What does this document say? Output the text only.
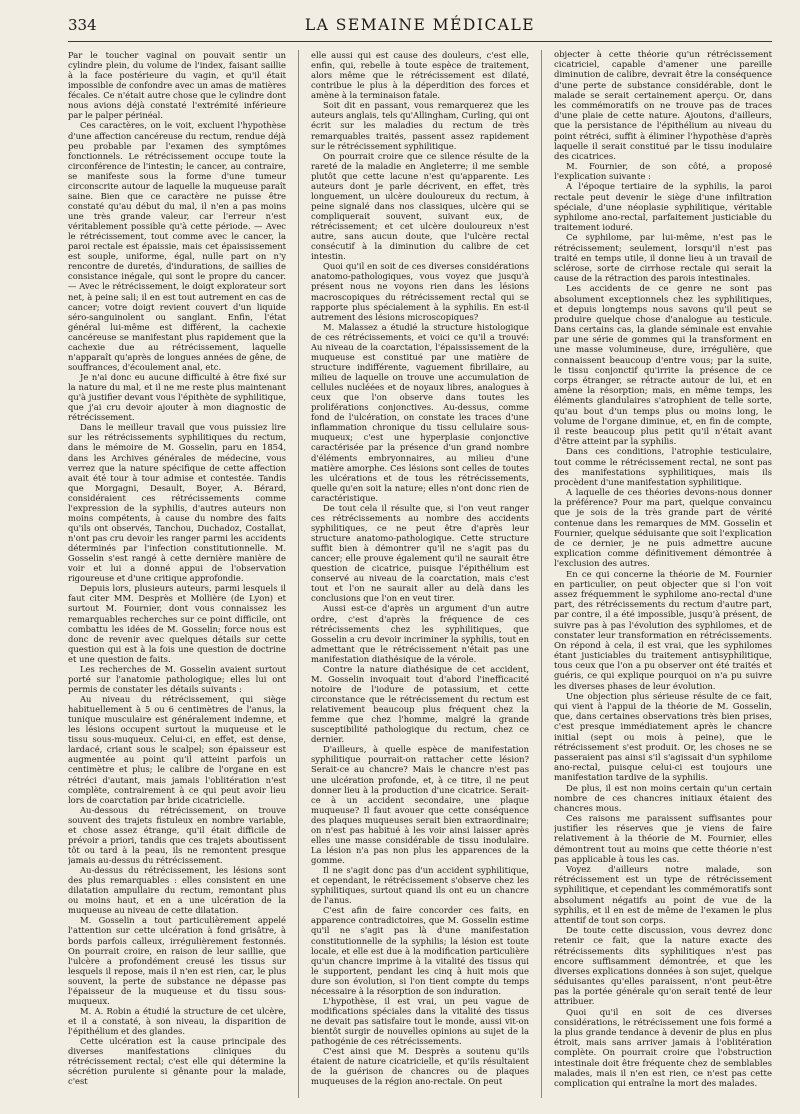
334	LA SEMAINE MÉDICALE

Par le toucher vaginal on pouvait sentir un cylindre plein, du volume de l'index, faisant saillie à la face postérieure du vagin, et qu'il était impossible de confondre avec un amas de matières fécales. Ce n'était autre chose que le cylindre dont nous avions déjà constaté l'extrémité inférieure par le palper périnéal.

Ces caractères, on le voit, excluent l'hypothèse d'une affection cancéreuse du rectum, rendue déjà peu probable par l'examen des symptômes fonctionnels. Le rétrécissement occupe toute la circonférence de l'intestin; le cancer, au contraire, se manifeste sous la forme d'une tumeur circonscrite autour de laquelle la muqueuse paraît saine. Bien que ce caractère ne puisse être constaté qu'au début du mal, il n'en a pas moins une très grande valeur, car l'erreur n'est véritablement possible qu'à cette période. — Avec le rétrécissement, tout comme avec le cancer, la paroi rectale est épaissie, mais cet épaississement est souple, uniforme, égal, nulle part on n'y rencontre de duretés, d'indurations, de saillies de consistance inégale, qui sont le propre du cancer. — Avec le rétrécissement, le doigt explorateur sort net, à peine sali; il en est tout autrement en cas de cancer; votre doigt revient couvert d'un liquide séro-sanguinolent ou sanglant. Enfin, l'état général lui-même est différent, la cachexie cancéreuse se manifestant plus rapidement que la cachexie due au rétrécissement, laquelle n'apparaît qu'après de longues années de gêne, de souffrances, d'écoulement anal, etc.

Je n'ai donc eu aucune difficulté à être fixé sur la nature du mal, et il ne me reste plus maintenant qu'à justifier devant vous l'épithète de syphilitique, que j'ai cru devoir ajouter à mon diagnostic de rétrécissement.

Dans le meilleur travail que vous puissiez lire sur les rétrécissements syphilitiques du rectum, dans le mémoire de M. Gosselin, paru en 1854, dans les Archives générales de médecine, vous verrez que la nature spécifique de cette affection avait été tour à tour admise et contestée. Tandis que Morgagni, Desault, Boyer, A. Bérard, considéraient ces rétrécissements comme l'expression de la syphilis, d'autres auteurs non moins compétents, à cause du nombre des faits qu'ils ont observés, Tanchou, Duchadoz, Costallat, n'ont pas cru devoir les ranger parmi les accidents déterminés par l'infection constitutionnelle. M. Gosselin s'est rangé à cette dernière manière de voir et lui a donné appui de l'observation rigoureuse et d'une critique approfondie.

Depuis lors, plusieurs auteurs, parmi lesquels il faut citer MM. Desprès et Mollière (de Lyon) et surtout M. Fournier, dont vous connaissez les remarquables recherches sur ce point difficile, ont combattu les idées de M. Gosselin; force nous est donc de revenir avec quelques détails sur cette question qui est à la fois une question de doctrine et une question de faits.

Les recherches de M. Gosselin avaient surtout porté sur l'anatomie pathologique; elles lui ont permis de constater les détails suivants :

Au niveau du rétrécissement, qui siège habituellement à 5 ou 6 centimètres de l'anus, la tunique musculaire est généralement indemne, et les lésions occupent surtout la muqueuse et le tissu sous-muqueux. Celui-ci, en effet, est dense, lardacé, criant sous le scalpel; son épaisseur est augmentée au point qu'il atteint parfois un centimètre et plus; le calibre de l'organe en est rétréci d'autant, mais jamais l'oblitération n'est complète, contrairement à ce qui peut avoir lieu lors de coarctation par bride cicatricielle.

Au-dessous du rétrécissement, on trouve souvent des trajets fistuleux en nombre variable, et chose assez étrange, qu'il était difficile de prévoir a priori, tandis que ces trajets aboutissent tôt ou tard à la peau, ils ne remontent presque jamais au-dessus du rétrécissement.

Au-dessus du rétrécissement, les lésions sont des plus remarquables : elles consistent en une dilatation ampullaire du rectum, remontant plus ou moins haut, et en a une ulcération de la muqueuse au niveau de cette dilatation.

M. Gosselin a tout particulièrement appelé l'attention sur cette ulcération à fond grisâtre, à bords parfois calleux, irrégulièrement festonnés. On pourrait croire, en raison de leur saillie, que l'ulcère a profondément creusé les tissus sur lesquels il repose, mais il n'en est rien, car, le plus souvent, la perte de substance ne dépasse pas l'épaisseur de la muqueuse et du tissu sous-muqueux.

M. A. Robin a étudié la structure de cet ulcère, et il a constaté, à son niveau, la disparition de l'épithélium et des glandes.

Cette ulcération est la cause principale des diverses manifestations cliniques du rétrécissement rectal; c'est elle qui détermine la sécrétion purulente si gênante pour la malade, c'est

elle aussi qui est cause des douleurs, c'est elle, enfin, qui, rebelle à toute espèce de traitement, alors même que le rétrécissement est dilaté, contribue le plus à la déperdition des forces et amène à la terminaison fatale.

Soit dit en passant, vous remarquerez que les auteurs anglais, tels qu'Allingham, Curling, qui ont écrit sur les maladies du rectum de très remarquables traités, passent assez rapidement sur le rétrécissement syphilitique.

On pourrait croire que ce silence résulte de la rareté de la maladie en Angleterre; il me semble plutôt que cette lacune n'est qu'apparente. Les auteurs dont je parle décrivent, en effet, très longuement, un ulcère douloureux du rectum, à peine signalé dans nos classiques, ulcère qui se compliquerait souvent, suivant eux, de rétrécissement; et cet ulcère douloureux n'est autre, sans aucun doute, que l'ulcère rectal consécutif à la diminution du calibre de cet intestin.

Quoi qu'il en soit de ces diverses considérations anatomo-pathologiques, vous voyez que jusqu'à présent nous ne voyons rien dans les lésions macroscopiques du rétrécissement rectal qui se rapporte plus spécialement à la syphilis. En est-il autrement des lésions microscopiques?

M. Malassez a étudié la structure histologique de ces rétrécissements, et voici ce qu'il a trouvé: Au niveau de la coarctation, l'épaississement de la muqueuse est constitué par une matière de structure indifférente, vaguement fibrillaire, au milieu de laquelle on trouve une accumulation de cellules nucléées et de noyaux libres, analogues à ceux que l'on observe dans toutes les proliférations conjonctives. Au-dessus, comme fond de l'ulcération, on constate les traces d'une inflammation chronique du tissu cellulaire sous-muqueux; c'est une hyperplasie conjonctive caractérisée par la présence d'un grand nombre d'éléments embryonnaires, au milieu d'une matière amorphe. Ces lésions sont celles de toutes les ulcérations et de tous les rétrécissements, quelle qu'en soit la nature; elles n'ont donc rien de caractéristique.

De tout cela il résulte que, si l'on veut ranger ces rétrécissements au nombre des accidents syphilitiques, ce ne peut être d'après leur structure anatomo-pathologique. Cette structure suffit bien à démontrer qu'il ne s'agit pas du cancer; elle prouve également qu'il ne saurait être question de cicatrice, puisque l'épithélium est conservé au niveau de la coarctation, mais c'est tout et l'on ne saurait aller au delà dans les conclusions que l'on en veut tirer.

Aussi est-ce d'après un argument d'un autre ordre, c'est d'après la fréquence de ces rétrécissements chez les syphilitiques, que Gosselin a cru devoir incriminer la syphilis, tout en admettant que le rétrécissement n'était pas une manifestation diathésique de la vérole.

Contre la nature diathésique de cet accident, M. Gosselin invoquait tout d'abord l'inefficacité notoire de l'iodure de potassium, et cette circonstance que le rétrécissement du rectum est relativement beaucoup plus fréquent chez la femme que chez l'homme, malgré la grande susceptibilité pathologique du rectum, chez ce dernier.

D'ailleurs, à quelle espèce de manifestation syphilitique pourrait-on rattacher cette lésion? Serait-ce au chancre? Mais le chancre n'est pas une ulcération profonde, et, à ce titre, il ne peut donner lieu à la production d'une cicatrice. Serait-ce à un accident secondaire, une plaque muqueuse? Il faut avouer que cette conséquence des plaques muqueuses serait bien extraordinaire; on n'est pas habitué à les voir ainsi laisser après elles une masse considérable de tissu inodulaire. La lésion n'a pas non plus les apparences de la gomme.

Il ne s'agit donc pas d'un accident syphilitique, et cependant, le rétrécissement s'observe chez les syphilitiques, surtout quand ils ont eu un chancre de l'anus.

C'est afin de faire concorder ces faits, en apparence contradictoires, que M. Gosselin estime qu'il ne s'agit pas là d'une manifestation constitutionnelle de la syphilis; la lésion est toute locale, et elle est due à la modification particulière qu'un chancre imprime à la vitalité des tissus qui le supportent, pendant les cinq à huit mois que dure son évolution, si l'on tient compte du temps nécessaire à la résorption de son induration.

L'hypothèse, il est vrai, un peu vague de modifications spéciales dans la vitalité des tissus ne devait pas satisfaire tout le monde, aussi vit-on bientôt surgir de nouvelles opinions au sujet de la pathogénie de ces rétrécissements.

C'est ainsi que M. Desprès a soutenu qu'ils étaient de nature cicatricielle, et qu'ils résultaient de la guérison de chancres ou de plaques muqueuses de la région ano-rectale. On peut

objecter à cette théorie qu'un rétrécissement cicatriciel, capable d'amener une pareille diminution de calibre, devrait être la conséquence d'une perte de substance considérable, dont le malade se serait certainement aperçu. Or, dans les commémoratifs on ne trouve pas de traces d'une plaie de cette nature. Ajoutons, d'ailleurs, que la persistance de l'épithélium au niveau du point rétréci, suffit à éliminer l'hypothèse d'après laquelle il serait constitué par le tissu inodulaire des cicatrices.

M. Fournier, de son côté, a proposé l'explication suivante :

A l'époque tertiaire de la syphilis, la paroi rectale peut devenir le siège d'une infiltration spéciale, d'une néoplasie syphilitique, véritable syphilome ano-rectal, parfaitement justiciable du traitement ioduré.

Ce syphilome, par lui-même, n'est pas le rétrécissement; seulement, lorsqu'il n'est pas traité en temps utile, il donne lieu à un travail de sclérose, sorte de cirrhose rectale qui serait la cause de la rétraction des parois intestinales.

Les accidents de ce genre ne sont pas absolument exceptionnels chez les syphilitiques, et depuis longtemps nous savons qu'il peut se produire quelque chose d'analogue au testicule. Dans certains cas, la glande séminale est envahie par une série de gommes qui la transforment en une masse volumineuse, dure, irrégulière, que connaissent beaucoup d'entre vous; par la suite, le tissu conjonctif qu'irrite la présence de ce corps étranger, se rétracte autour de lui, et en amène la résorption; mais, en même temps, les éléments glandulaires s'atrophient de telle sorte, qu'au bout d'un temps plus ou moins long, le volume de l'organe diminue, et, en fin de compte, il reste beaucoup plus petit qu'il n'était avant d'être atteint par la syphilis.

Dans ces conditions, l'atrophie testiculaire, tout comme le rétrécissement rectal, ne sont pas des manifestations syphilitiques, mais ils procèdent d'une manifestation syphilitique.

A laquelle de ces théories devons-nous donner la préférence? Pour ma part, quelque convaincu que je sois de la très grande part de vérité contenue dans les remarques de MM. Gosselin et Fournier, quelque séduisante que soit l'explication de ce dernier, je ne puis admettre aucune explication comme définitivement démontrée à l'exclusion des autres.

En ce qui concerne la théorie de M. Fournier en particulier, on peut objecter que si l'on voit assez fréquemment le syphilome ano-rectal d'une part, des rétrécissements du rectum d'autre part, par contre, il a été impossible, jusqu'à présent, de suivre pas à pas l'évolution des syphilomes, et de constater leur transformation en rétrécissements. On répond à cela, il est vrai, que les syphilomes étant justiciables du traitement antisyphilitique, tous ceux que l'on a pu observer ont été traités et guéris, ce qui explique pourquoi on n'a pu suivre les diverses phases de leur évolution.

Une objection plus sérieuse résulte de ce fait, qui vient à l'appui de la théorie de M. Gosselin, que, dans certaines observations très bien prises, c'est presque immédiatement après le chancre initial (sept ou mois à peine), que le rétrécissement s'est produit. Or, les choses ne se passeraient pas ainsi s'il s'agissait d'un syphilome ano-rectal, puisque celui-ci est toujours une manifestation tardive de la syphilis.

De plus, il est non moins certain qu'un certain nombre de ces chancres initiaux étaient des chancres mous.

Ces raisons me paraissent suffisantes pour justifier les réserves que je viens de faire relativement à la théorie de M. Fournier, elles démontrent tout au moins que cette théorie n'est pas applicable à tous les cas.

Voyez d'ailleurs notre malade, son rétrécissement est un type de rétrécissement syphilitique, et cependant les commémoratifs sont absolument négatifs au point de vue de la syphilis, et il en est de même de l'examen le plus attentif de tout son corps.

De toute cette discussion, vous devrez donc retenir ce fait, que la nature exacte des rétrécissements dits syphilitiques n'est pas encore suffisamment démontrée, et que les diverses explications données à son sujet, quelque séduisantes qu'elles paraissent, n'ont peut-être pas la portée générale qu'on serait tenté de leur attribuer.

Quoi qu'il en soit de ces diverses considérations, le rétrécissement une fois formé a la plus grande tendance à devenir de plus en plus étroit, mais sans arriver jamais à l'oblitération complète. On pourrait croire que l'obstruction intestinale doit être fréquente chez de semblables malades, mais il n'en est rien, ce n'est pas cette complication qui entraîne la mort des malades.
